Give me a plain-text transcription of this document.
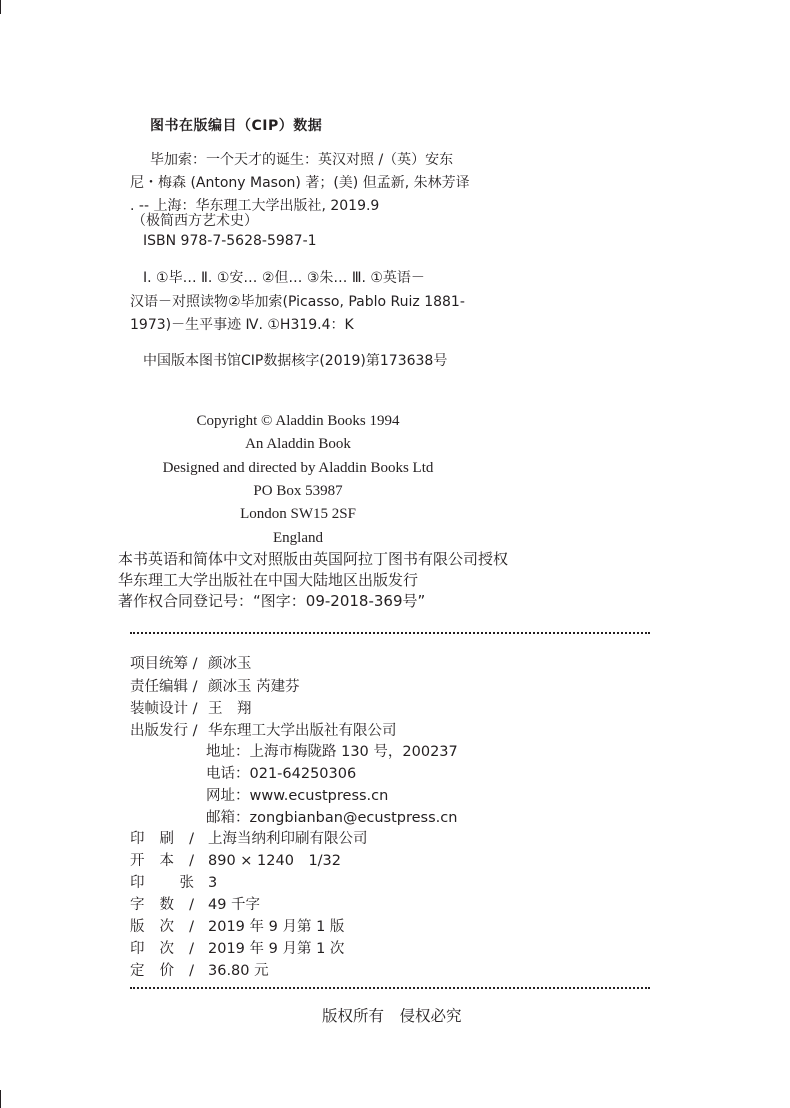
图书在版编目（CIP）数据
毕加索：一个天才的诞生：英汉对照 /（英）安东
尼・梅森 (Antony Mason) 著；(美) 但孟新, 朱林芳译
. -- 上海：华东理工大学出版社, 2019.9
（极简西方艺术史）
ISBN 978-7-5628-5987-1
Ⅰ. ①毕… Ⅱ. ①安… ②但… ③朱… Ⅲ. ①英语－
汉语－对照读物②毕加索(Picasso, Pablo Ruiz 1881-
1973)－生平事迹 Ⅳ. ①H319.4：K
中国版本图书馆CIP数据核字(2019)第173638号
Copyright © Aladdin Books 1994
An Aladdin Book
Designed and directed by Aladdin Books Ltd
PO Box 53987
London SW15 2SF
England
本书英语和简体中文对照版由英国阿拉丁图书有限公司授权
华东理工大学出版社在中国大陆地区出版发行
著作权合同登记号：“图字：09-2018-369号”
项目统筹 / 颜冰玉
责任编辑 / 颜冰玉 芮建芬
装帧设计 / 王　翔
出版发行 / 华东理工大学出版社有限公司
地址：上海市梅陇路 130 号，200237
电话：021-64250306
网址：www.ecustpress.cn
邮箱：zongbianban@ecustpress.cn
印刷/ 上海当纳利印刷有限公司
开本/ 890 × 1240　1/32
印张 3
字数/ 49 千字
版次/ 2019 年 9 月第 1 版
印次/ 2019 年 9 月第 1 次
定价/ 36.80 元
版权所有　侵权必究
